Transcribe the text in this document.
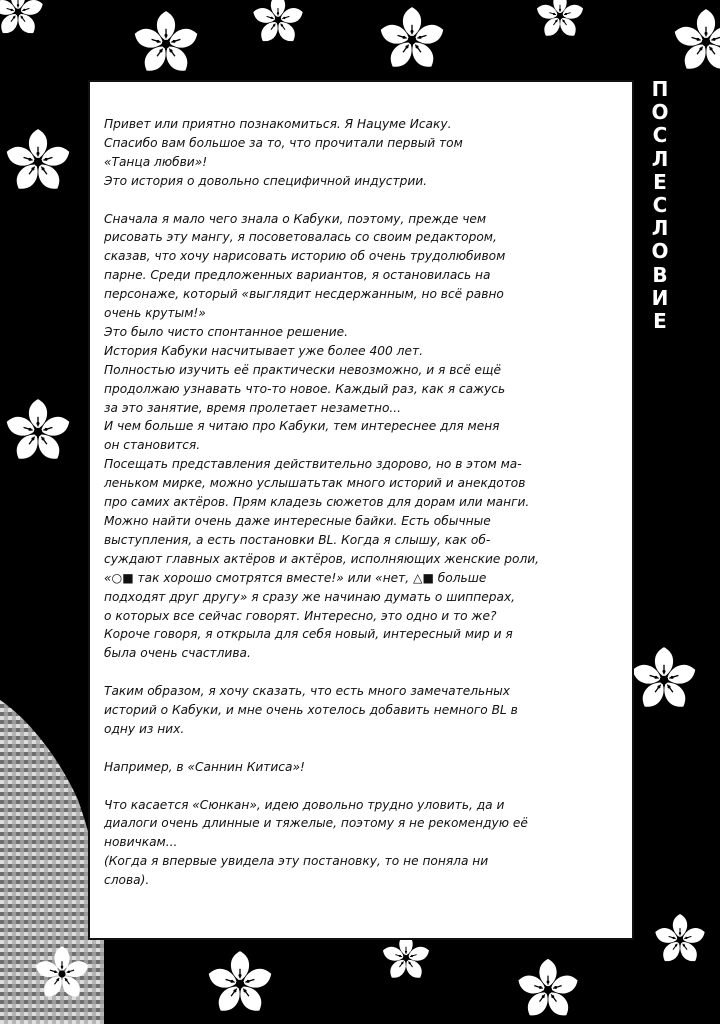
Привет или приятно познакомиться. Я Нацуме Исаку.
Спасибо вам большое за то, что прочитали первый том
«Танца любви»!
Это история о довольно специфичной индустрии.

Сначала я мало чего знала о Кабуки, поэтому, прежде чем
рисовать эту мангу, я посоветовалась со своим редактором,
сказав, что хочу нарисовать историю об очень трудолюбивом
парне. Среди предложенных вариантов, я остановилась на
персонаже, который «выглядит несдержанным, но всё равно
очень крутым!»
Это было чисто спонтанное решение.
История Кабуки насчитывает уже более 400 лет.
Полностью изучить её практически невозможно, и я всё ещё
продолжаю узнавать что-то новое. Каждый раз, как я сажусь
за это занятие, время пролетает незаметно...
И чем больше я читаю про Кабуки, тем интереснее для меня
он становится.
Посещать представления действительно здорово, но в этом ма-
леньком мирке, можно услышатьтак много историй и анекдотов
про самих актёров. Прям кладезь сюжетов для дорам или манги.
Можно найти очень даже интересные байки. Есть обычные
выступления, а есть постановки BL. Когда я слышу, как об-
суждают главных актёров и актёров, исполняющих женские роли,
«○■ так хорошо смотрятся вместе!» или «нет, △■ больше
подходят друг другу» я сразу же начинаю думать о шипперах,
о которых все сейчас говорят. Интересно, это одно и то же?
Короче говоря, я открыла для себя новый, интересный мир и я
была очень счастлива.

Таким образом, я хочу сказать, что есть много замечательных
историй о Кабуки, и мне очень хотелось добавить немного BL в
одну из них.

Например, в «Саннин Китиса»!

Что касается «Сюнкан», идею довольно трудно уловить, да и
диалоги очень длинные и тяжелые, поэтому я не рекомендую её
новичкам...
(Когда я впервые увидела эту постановку, то не поняла ни
слова).

П
О
С
Л
Е
С
Л
О
В
И
Е
